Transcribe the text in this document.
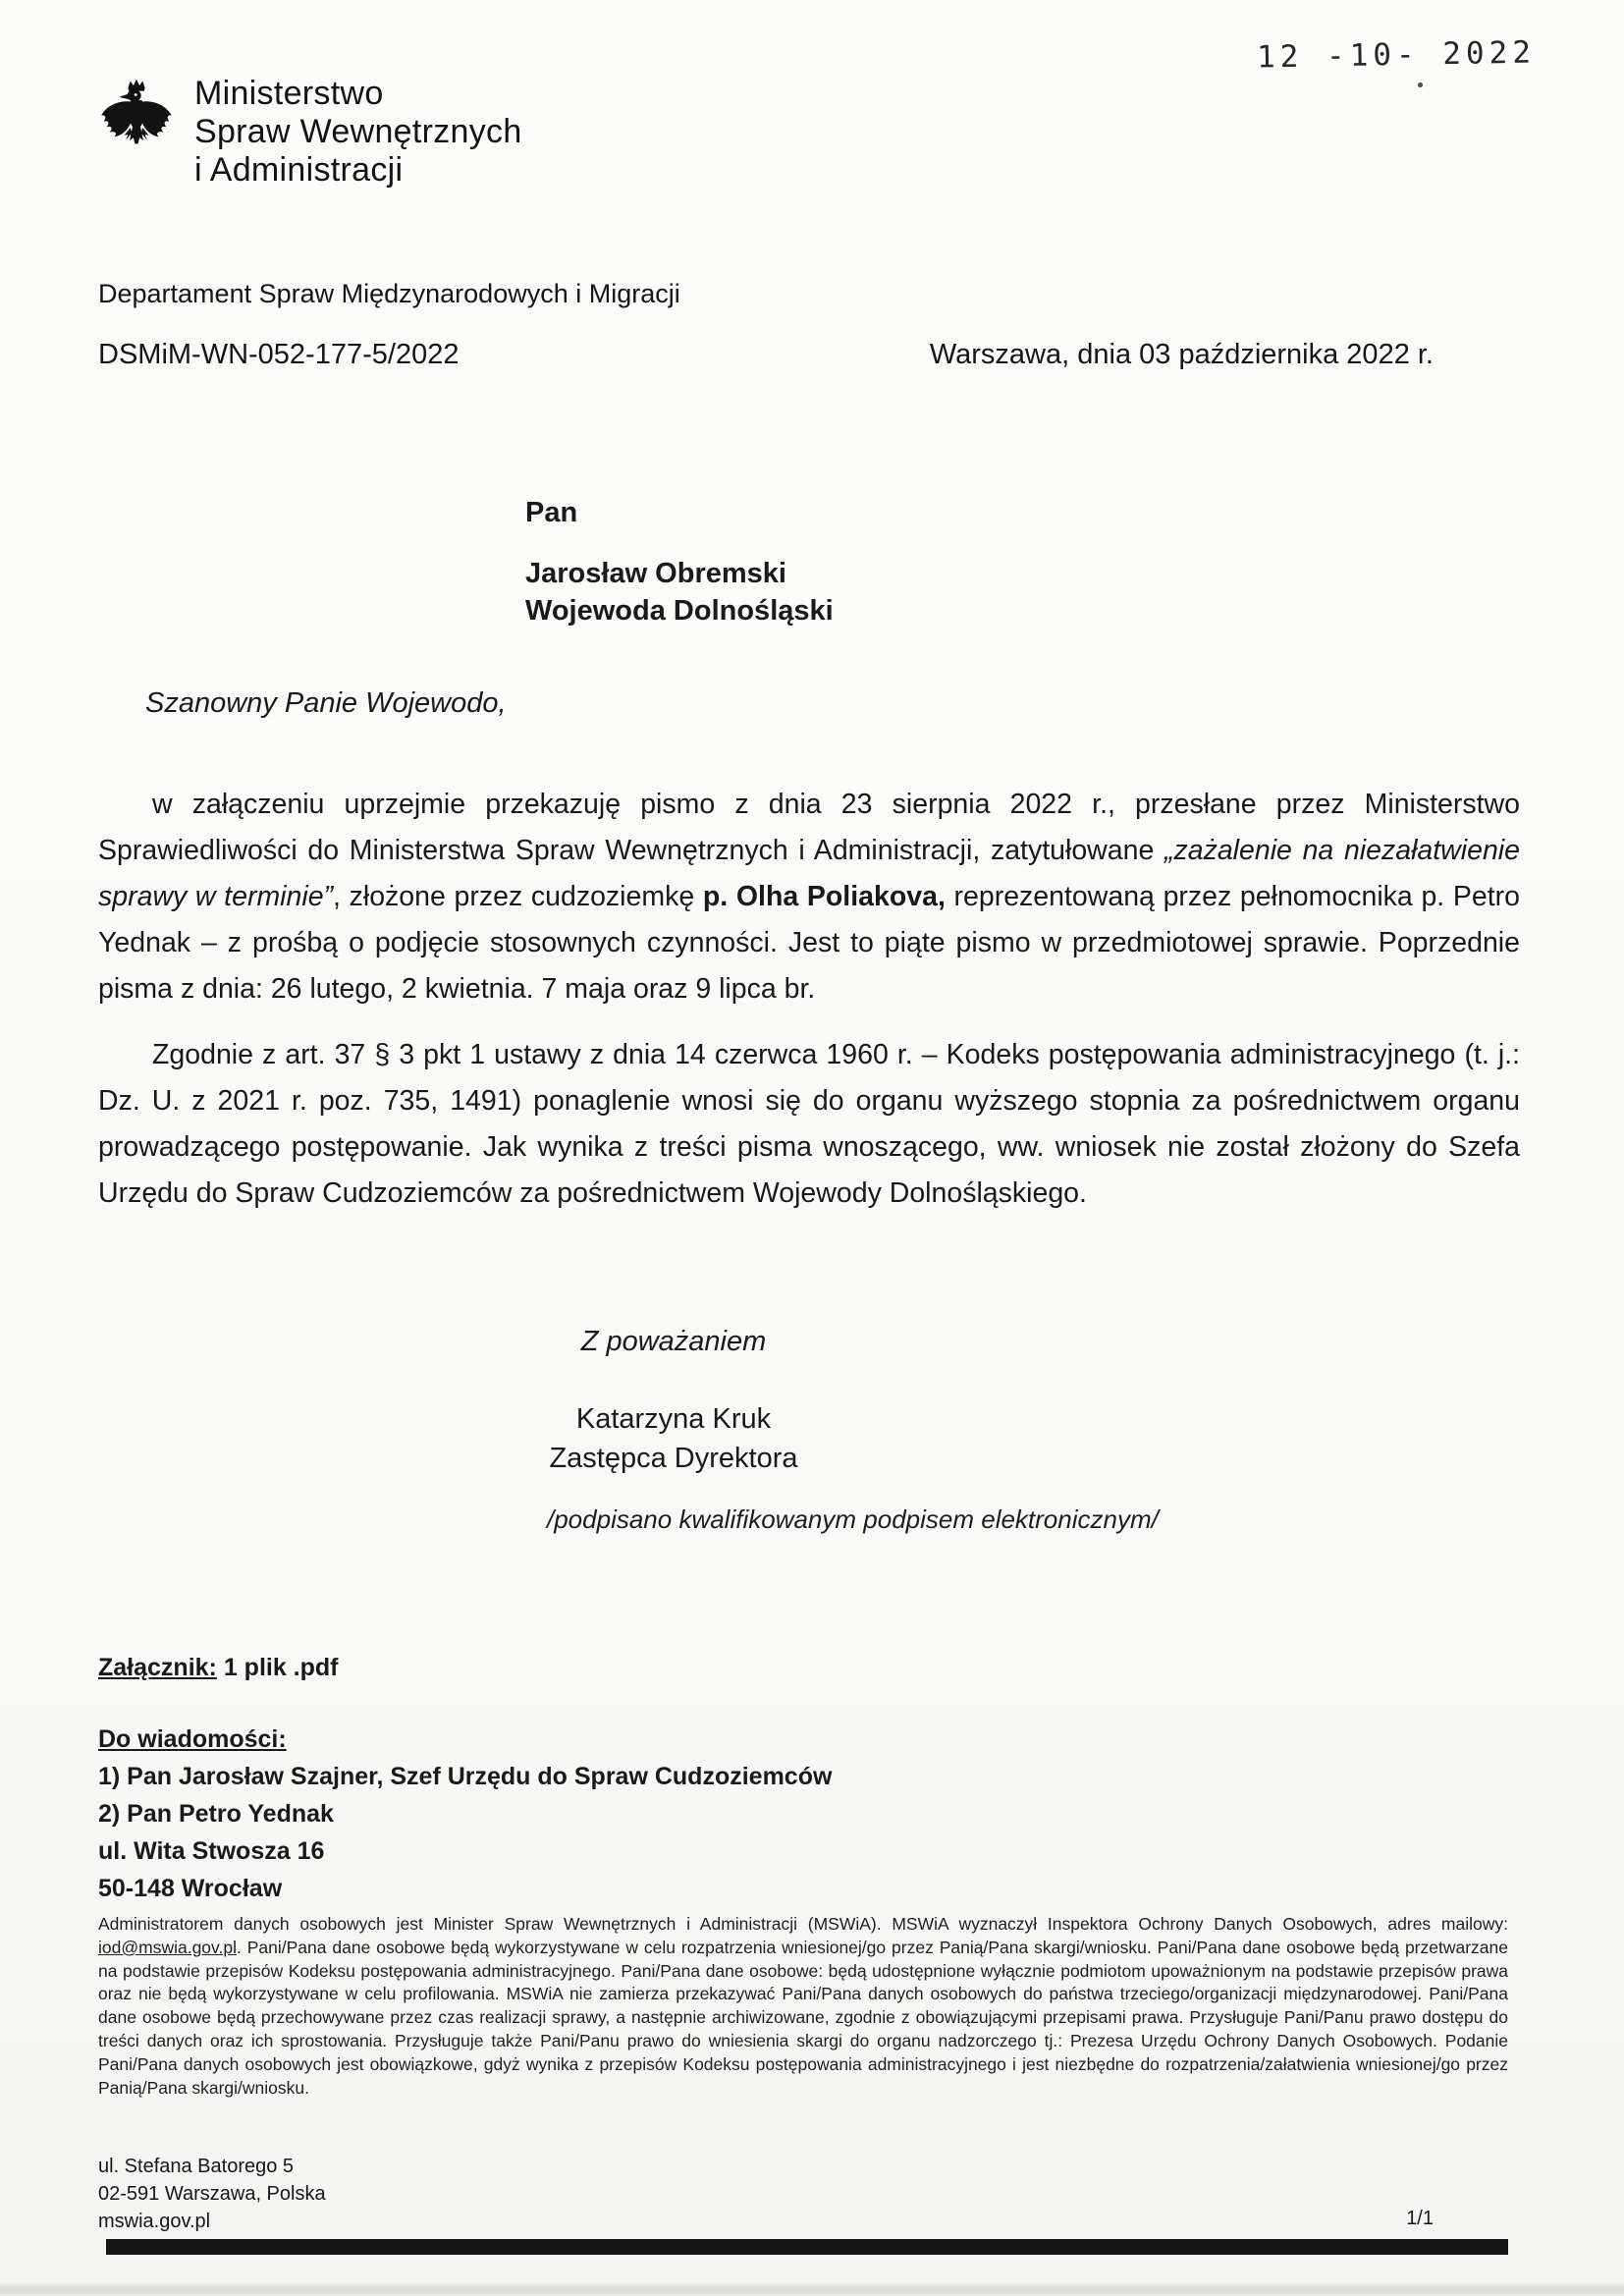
12 -10- 2022
Ministerstwo
Spraw Wewnętrznych
i Administracji
Departament Spraw Międzynarodowych i Migracji
DSMiM-WN-052-177-5/2022	Warszawa, dnia 03 października 2022 r.
Pan
Jarosław Obremski
Wojewoda Dolnośląski
Szanowny Panie Wojewodo,

w załączeniu uprzejmie przekazuję pismo z dnia 23 sierpnia 2022 r., przesłane przez Ministerstwo Sprawiedliwości do Ministerstwa Spraw Wewnętrznych i Administracji, zatytułowane „zażalenie na niezałatwienie sprawy w terminie”, złożone przez cudzoziemkę p. Olha Poliakova, reprezentowaną przez pełnomocnika p. Petro Yednak – z prośbą o podjęcie stosownych czynności. Jest to piąte pismo w przedmiotowej sprawie. Poprzednie pisma z dnia: 26 lutego, 2 kwietnia. 7 maja oraz 9 lipca br.

Zgodnie z art. 37 § 3 pkt 1 ustawy z dnia 14 czerwca 1960 r. – Kodeks postępowania administracyjnego (t. j.: Dz. U. z 2021 r. poz. 735, 1491) ponaglenie wnosi się do organu wyższego stopnia za pośrednictwem organu prowadzącego postępowanie. Jak wynika z treści pisma wnoszącego, ww. wniosek nie został złożony do Szefa Urzędu do Spraw Cudzoziemców za pośrednictwem Wojewody Dolnośląskiego.

Z poważaniem
Katarzyna Kruk
Zastępca Dyrektora
/podpisano kwalifikowanym podpisem elektronicznym/
Załącznik: 1 plik .pdf
Do wiadomości:
1) Pan Jarosław Szajner, Szef Urzędu do Spraw Cudzoziemców
2) Pan Petro Yednak
ul. Wita Stwosza 16
50-148 Wrocław
Administratorem danych osobowych jest Minister Spraw Wewnętrznych i Administracji (MSWiA). MSWiA wyznaczył Inspektora Ochrony Danych Osobowych, adres mailowy: iod@mswia.gov.pl. Pani/Pana dane osobowe będą wykorzystywane w celu rozpatrzenia wniesionej/go przez Panią/Pana skargi/wniosku. Pani/Pana dane osobowe będą przetwarzane na podstawie przepisów Kodeksu postępowania administracyjnego. Pani/Pana dane osobowe: będą udostępnione wyłącznie podmiotom upoważnionym na podstawie przepisów prawa oraz nie będą wykorzystywane w celu profilowania. MSWiA nie zamierza przekazywać Pani/Pana danych osobowych do państwa trzeciego/organizacji międzynarodowej. Pani/Pana dane osobowe będą przechowywane przez czas realizacji sprawy, a następnie archiwizowane, zgodnie z obowiązującymi przepisami prawa. Przysługuje Pani/Panu prawo dostępu do treści danych oraz ich sprostowania. Przysługuje także Pani/Panu prawo do wniesienia skargi do organu nadzorczego tj.: Prezesa Urzędu Ochrony Danych Osobowych. Podanie Pani/Pana danych osobowych jest obowiązkowe, gdyż wynika z przepisów Kodeksu postępowania administracyjnego i jest niezbędne do rozpatrzenia/załatwienia wniesionej/go przez Panią/Pana skargi/wniosku.
ul. Stefana Batorego 5
02-591 Warszawa, Polska
mswia.gov.pl	1/1
